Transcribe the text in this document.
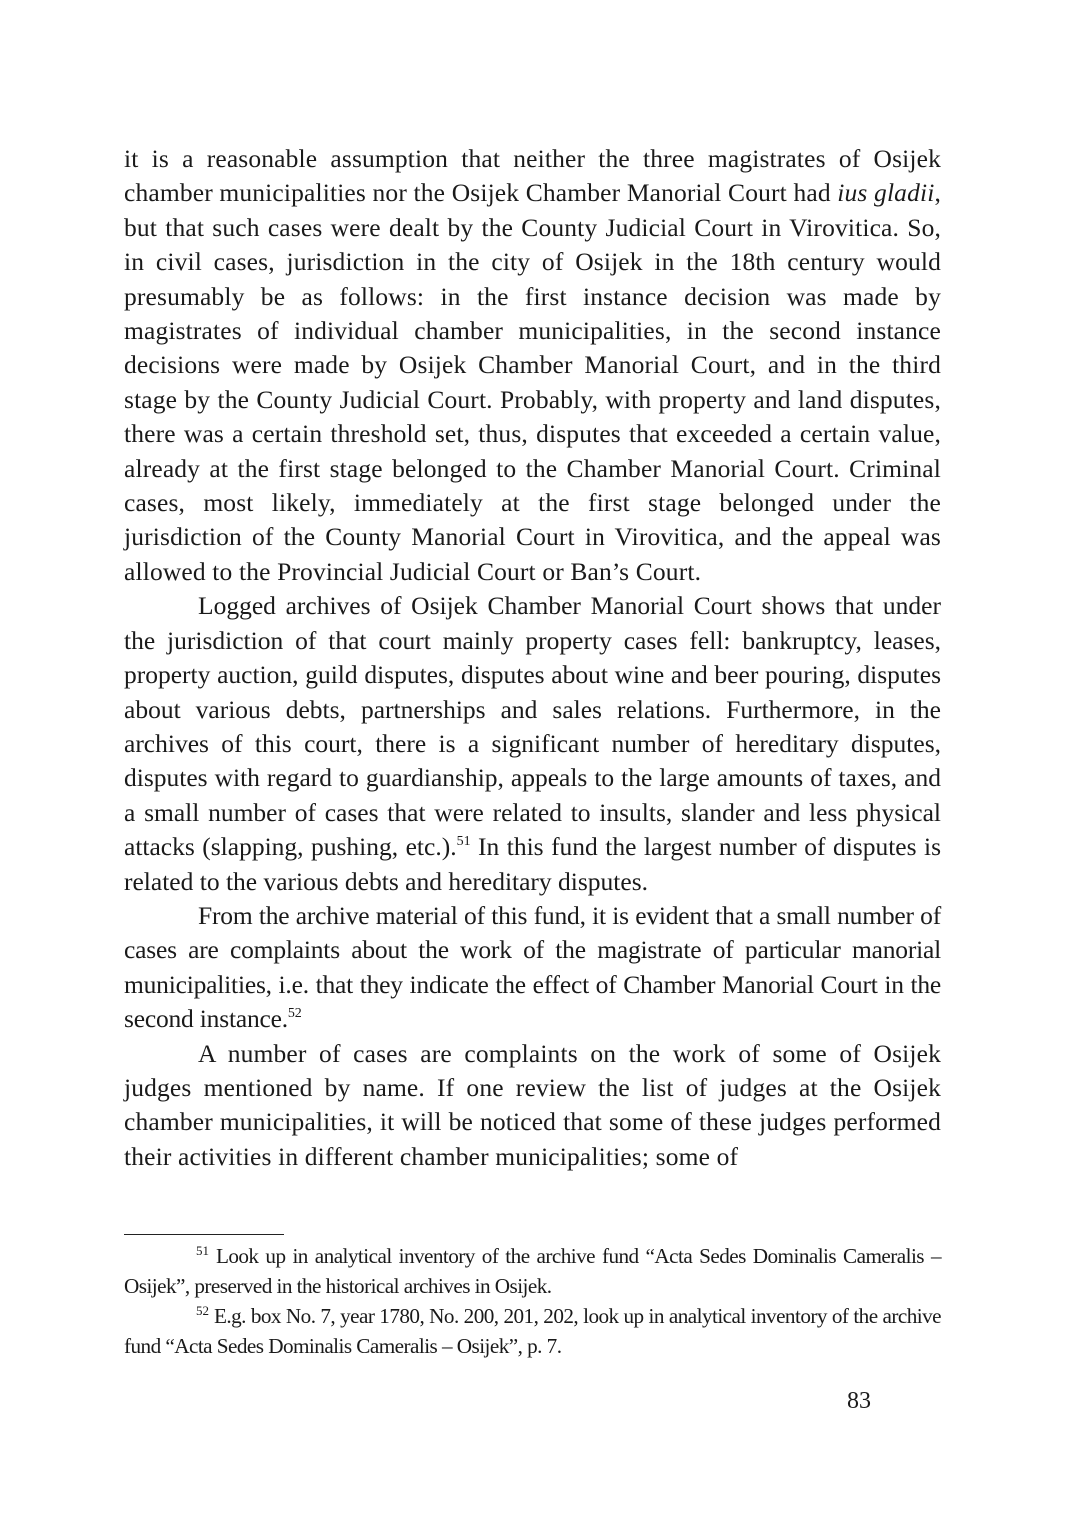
it is a reasonable assumption that neither the three magistrates of Osijek chamber municipalities nor the Osijek Chamber Manorial Court had ius gladii, but that such cases were dealt by the County Judicial Court in Virovitica. So, in civil cases, jurisdiction in the city of Osijek in the 18th century would presumably be as follows: in the first instance decision was made by magistrates of individual chamber municipalities, in the second instance decisions were made by Osijek Chamber Manorial Court, and in the third stage by the County Judicial Court. Probably, with property and land disputes, there was a certain threshold set, thus, disputes that exceeded a certain value, already at the first stage belonged to the Chamber Manorial Court. Criminal cases, most likely, immediately at the first stage belonged under the jurisdiction of the County Manorial Court in Virovitica, and the appeal was allowed to the Provincial Judicial Court or Ban’s Court.

Logged archives of Osijek Chamber Manorial Court shows that under the jurisdiction of that court mainly property cases fell: bankruptcy, leases, property auction, guild disputes, disputes about wine and beer pouring, disputes about various debts, partnerships and sales relations. Furthermore, in the archives of this court, there is a significant number of hereditary disputes, disputes with regard to guardianship, appeals to the large amounts of taxes, and a small number of cases that were related to insults, slander and less physical attacks (slapping, pushing, etc.).$^{51}$ In this fund the largest number of disputes is related to the various debts and hereditary disputes.

From the archive material of this fund, it is evident that a small number of cases are complaints about the work of the magistrate of particular manorial municipalities, i.e. that they indicate the effect of Chamber Manorial Court in the second instance.$^{52}$

A number of cases are complaints on the work of some of Osijek judges mentioned by name. If one review the list of judges at the Osijek chamber municipalities, it will be noticed that some of these judges performed their activities in different chamber municipalities; some of

$^{51}$ Look up in analytical inventory of the archive fund “Acta Sedes Dominalis Cameralis – Osijek”, preserved in the historical archives in Osijek.

$^{52}$ E.g. box No. 7, year 1780, No. 200, 201, 202, look up in analytical inventory of the archive fund “Acta Sedes Dominalis Cameralis – Osijek”, p. 7.

83
